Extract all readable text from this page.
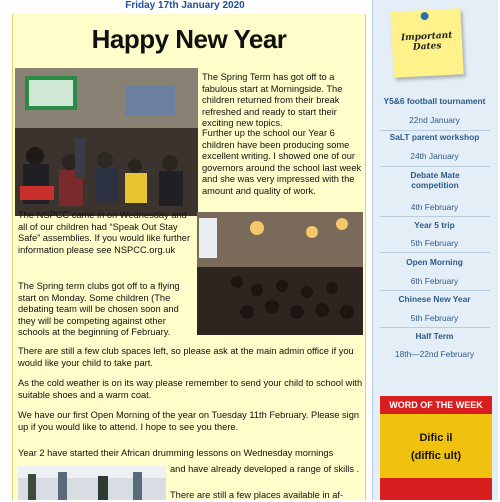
Friday 17th January 2020
Happy New Year
The Spring Term has got off to a fabulous start at Morningside. The children returned from their break refreshed and ready to start their exciting new topics.
Further up the school our Year 6 children have been producing some excellent writing. I showed one of our governors around the school last week and she was very impressed with the amount and quality of work.
The NSPCC came in on Wednesday and all of our children had “Speak Out Stay Safe” assemblies. If you would like further information please see NSPCC.org.uk
The Spring term clubs got off to a flying start on Monday. Some children (The debating team will be chosen soon and they will be competing against other schools at the beginning of February.
There are still a few club spaces left, so please ask at the main admin office if you would like your child to take part.
As the cold weather is on its way please remember to send your child to school with suitable shoes and a warm coat.
We have our first Open Morning of the year on Tuesday 11th February. Please sign up if you would like to attend. I hope to see you there.
Year 2 have started their African drumming lessons on Wednesday mornings
and have already developed a range of skills .
There are still a few places available in af-
Important
Dates
Y5&6 football tournament
22nd January
SaLT parent workshop
24th January
Debate Mate competition
4th February
Year 5 trip
5th February
Open Morning
6th February
Chinese New Year
5th February
Half Term
18th—22nd February
WORD OF THE WEEK
Dific il
(diffic ult)
